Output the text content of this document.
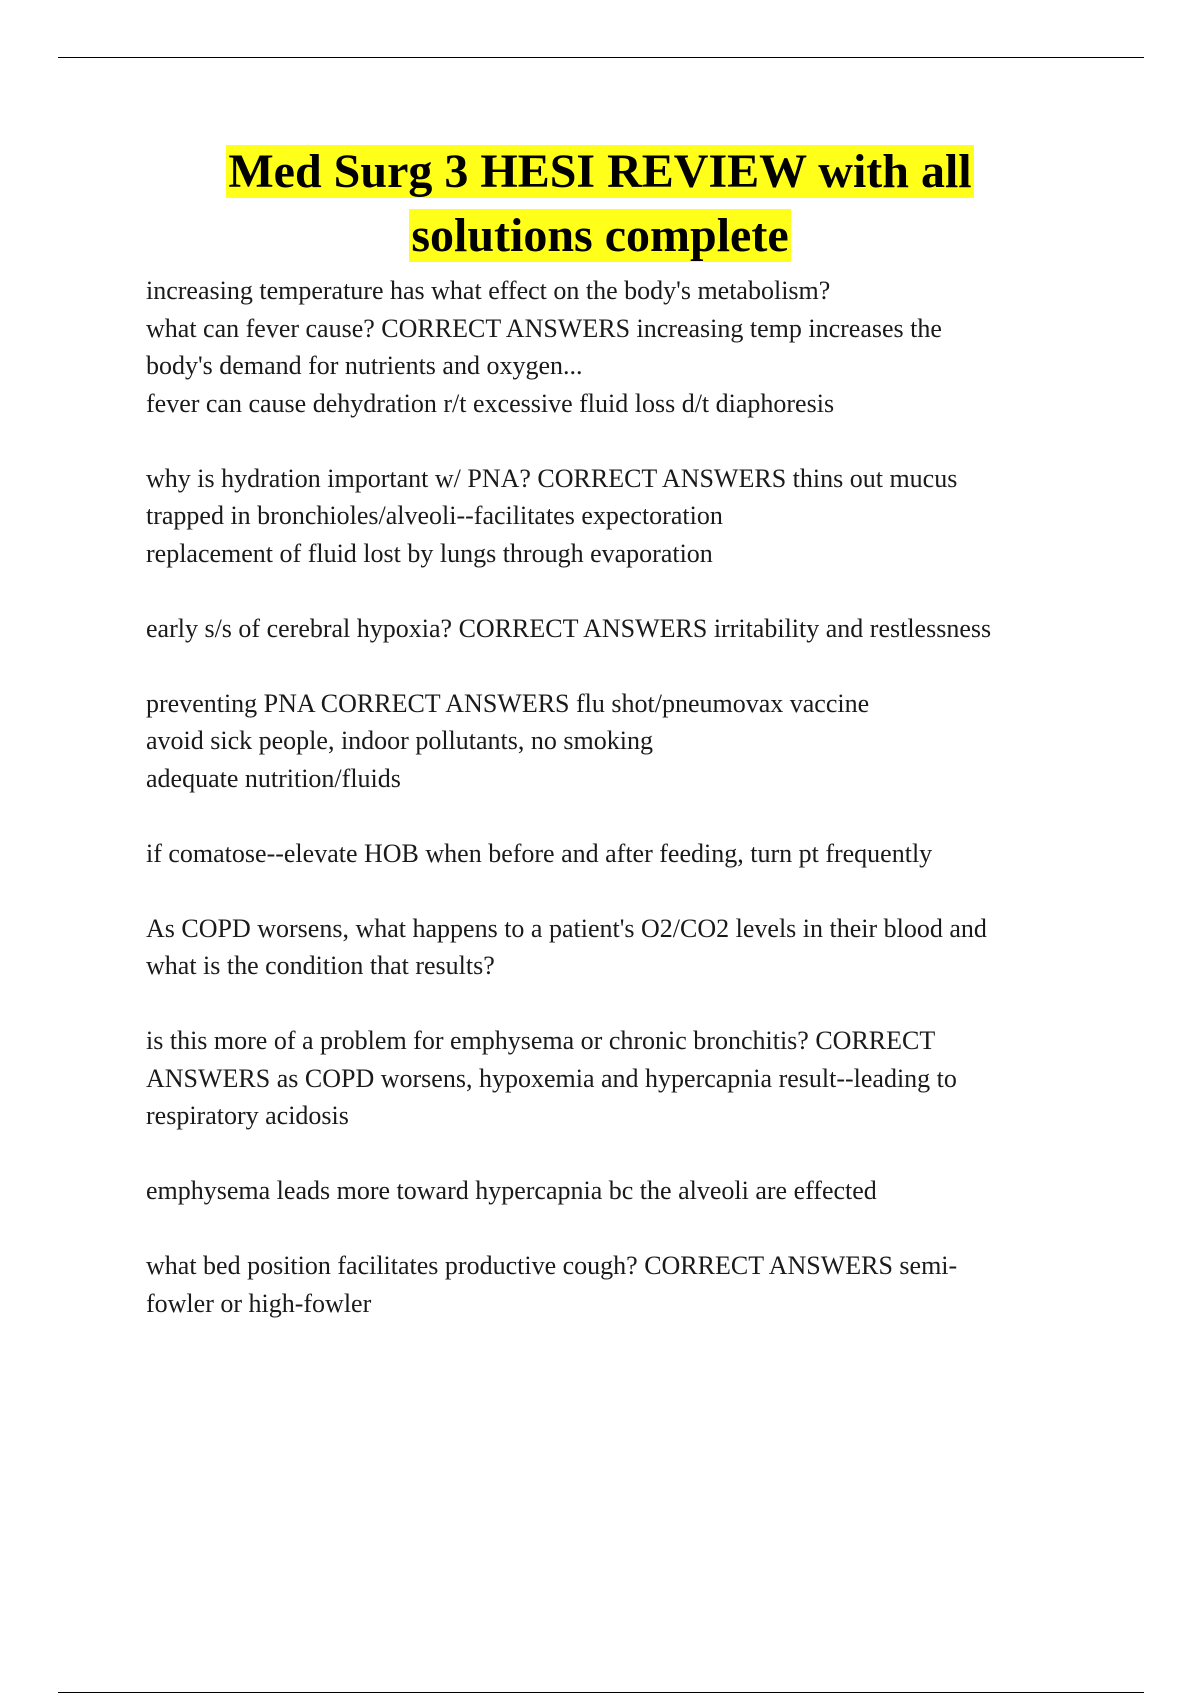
Med Surg 3 HESI REVIEW with all
solutions complete
increasing temperature has what effect on the body's metabolism?
what can fever cause? CORRECT ANSWERS increasing temp increases the
body's demand for nutrients and oxygen...
fever can cause dehydration r/t excessive fluid loss d/t diaphoresis
why is hydration important w/ PNA? CORRECT ANSWERS thins out mucus
trapped in bronchioles/alveoli--facilitates expectoration
replacement of fluid lost by lungs through evaporation
early s/s of cerebral hypoxia? CORRECT ANSWERS irritability and restlessness
preventing PNA CORRECT ANSWERS flu shot/pneumovax vaccine
avoid sick people, indoor pollutants, no smoking
adequate nutrition/fluids
if comatose--elevate HOB when before and after feeding, turn pt frequently
As COPD worsens, what happens to a patient's O2/CO2 levels in their blood and
what is the condition that results?
is this more of a problem for emphysema or chronic bronchitis? CORRECT
ANSWERS as COPD worsens, hypoxemia and hypercapnia result--leading to
respiratory acidosis
emphysema leads more toward hypercapnia bc the alveoli are effected
what bed position facilitates productive cough? CORRECT ANSWERS semi-
fowler or high-fowler
